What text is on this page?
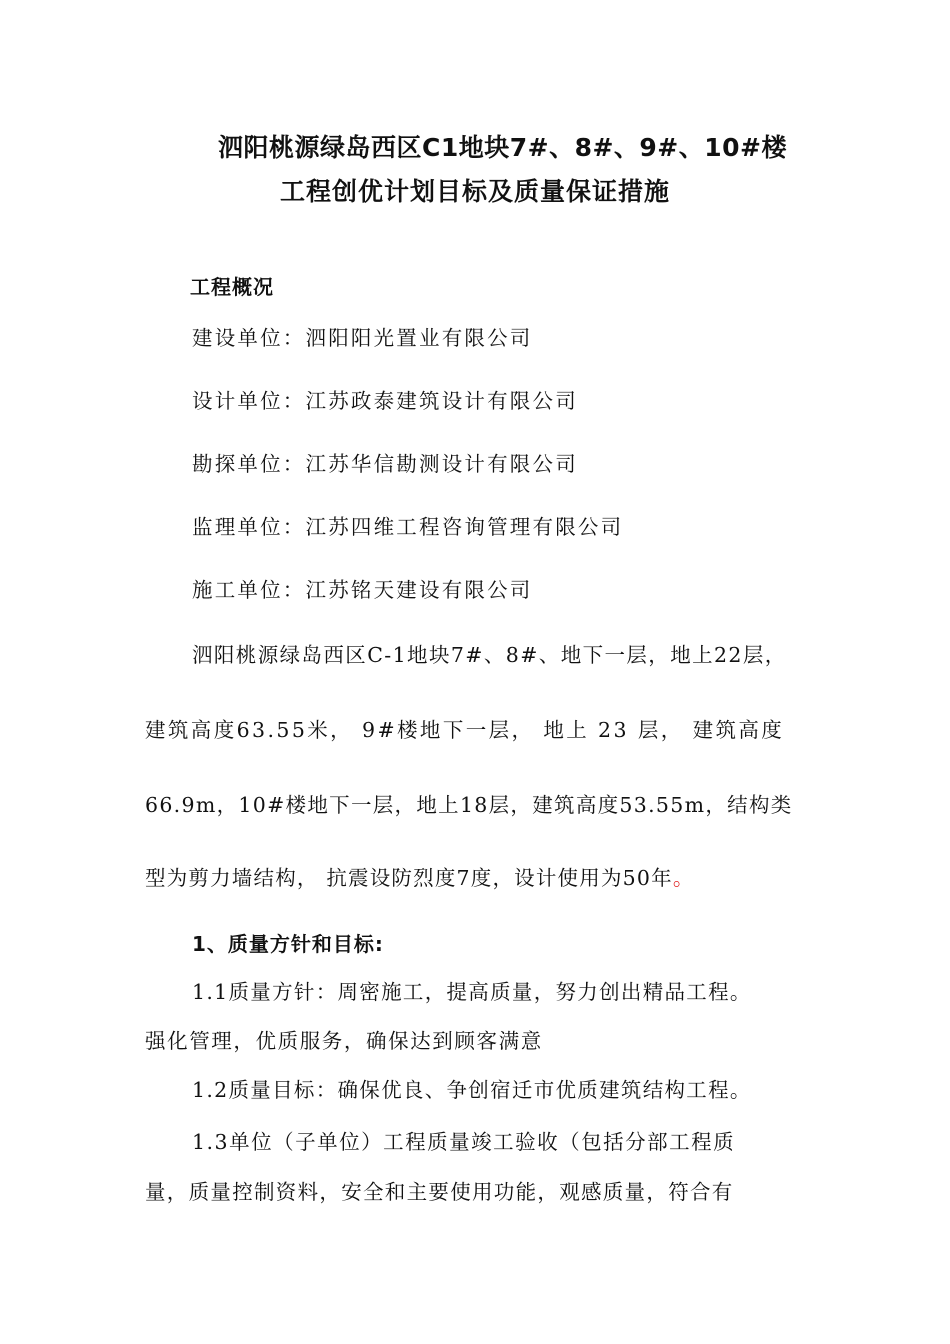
泗阳桃源绿岛西区C1地块7#、8#、9#、10#楼
工程创优计划目标及质量保证措施
工程概况
建设单位：泗阳阳光置业有限公司
设计单位：江苏政泰建筑设计有限公司
勘探单位：江苏华信勘测设计有限公司
监理单位：江苏四维工程咨询管理有限公司
施工单位：江苏铭天建设有限公司
泗阳桃源绿岛西区C-1地块7#、8#、地下一层，地上22层，
建筑高度63.55米， 9#楼地下一层， 地上 23 层， 建筑高度
66.9m，10#楼地下一层，地上18层，建筑高度53.55m，结构类
型为剪力墙结构， 抗震设防烈度7度，设计使用为50年。
1、质量方针和目标:
1.1质量方针：周密施工，提高质量，努力创出精品工程。
强化管理，优质服务，确保达到顾客满意
1.2质量目标：确保优良、争创宿迁市优质建筑结构工程。
1.3单位（子单位）工程质量竣工验收（包括分部工程质
量，质量控制资料，安全和主要使用功能，观感质量，符合有
